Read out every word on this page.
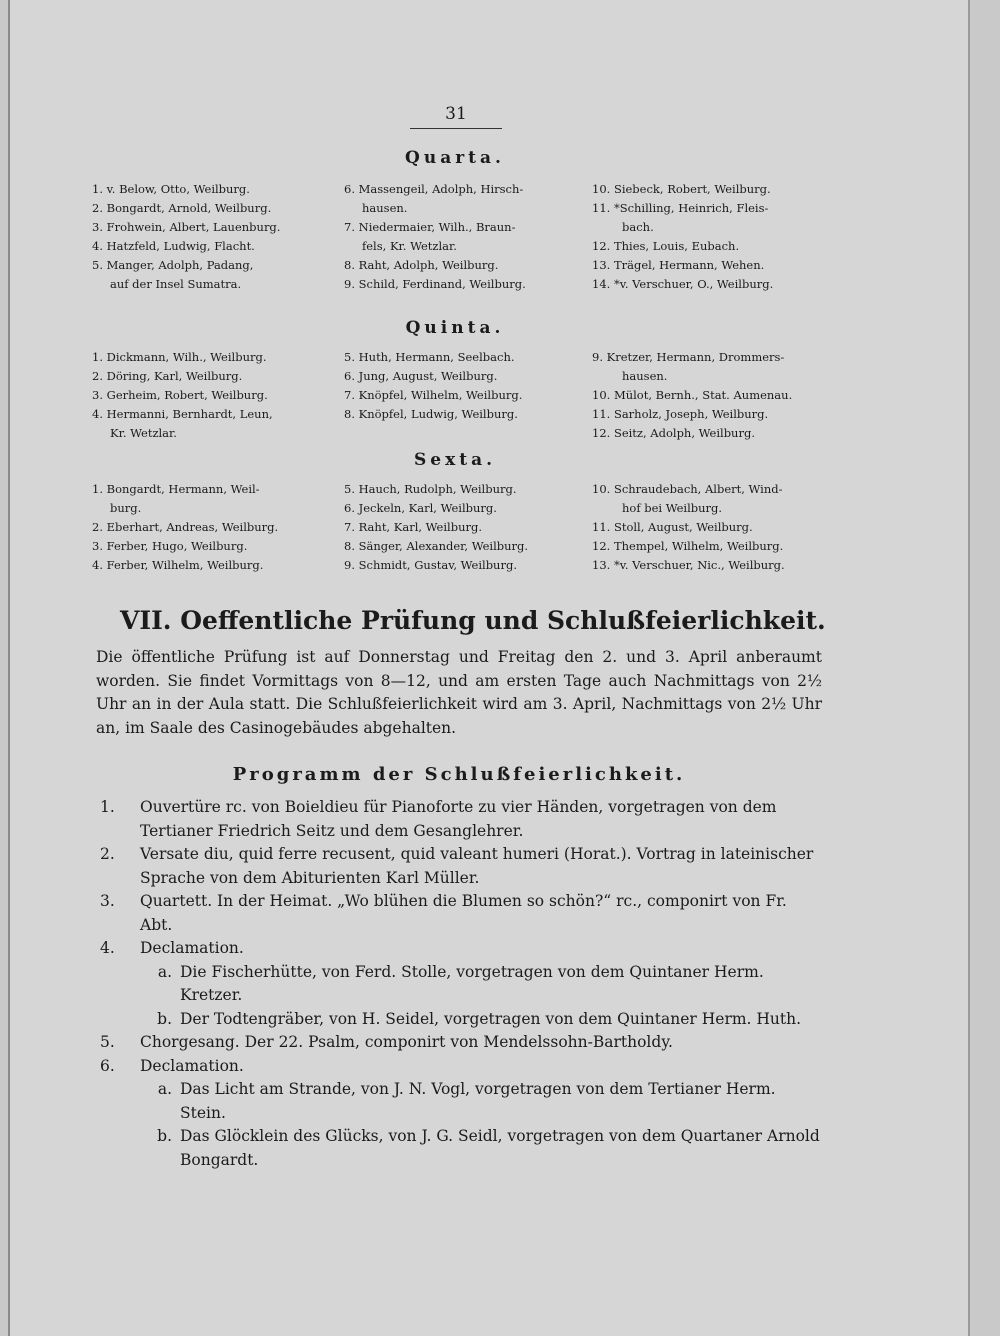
31
Quarta.
1. v. Below, Otto, Weilburg.
2. Bongardt, Arnold, Weilburg.
3. Frohwein, Albert, Lauenburg.
4. Hatzfeld, Ludwig, Flacht.
5. Manger, Adolph, Padang,
auf der Insel Sumatra.
6. Massengeil, Adolph, Hirsch-
hausen.
7. Niedermaier, Wilh., Braun-
fels, Kr. Wetzlar.
8. Raht, Adolph, Weilburg.
9. Schild, Ferdinand, Weilburg.
10. Siebeck, Robert, Weilburg.
11. *Schilling, Heinrich, Fleis-
bach.
12. Thies, Louis, Eubach.
13. Trägel, Hermann, Wehen.
14. *v. Verschuer, O., Weilburg.
Quinta.
1. Dickmann, Wilh., Weilburg.
2. Döring, Karl, Weilburg.
3. Gerheim, Robert, Weilburg.
4. Hermanni, Bernhardt, Leun,
Kr. Wetzlar.
5. Huth, Hermann, Seelbach.
6. Jung, August, Weilburg.
7. Knöpfel, Wilhelm, Weilburg.
8. Knöpfel, Ludwig, Weilburg.
9. Kretzer, Hermann, Drommers-
hausen.
10. Mülot, Bernh., Stat. Aumenau.
11. Sarholz, Joseph, Weilburg.
12. Seitz, Adolph, Weilburg.
Sexta.
1. Bongardt, Hermann, Weil-
burg.
2. Eberhart, Andreas, Weilburg.
3. Ferber, Hugo, Weilburg.
4. Ferber, Wilhelm, Weilburg.
5. Hauch, Rudolph, Weilburg.
6. Jeckeln, Karl, Weilburg.
7. Raht, Karl, Weilburg.
8. Sänger, Alexander, Weilburg.
9. Schmidt, Gustav, Weilburg.
10. Schraudebach, Albert, Wind-
hof bei Weilburg.
11. Stoll, August, Weilburg.
12. Thempel, Wilhelm, Weilburg.
13. *v. Verschuer, Nic., Weilburg.
VII. Oeffentliche Prüfung und Schlußfeierlichkeit.
Die öffentliche Prüfung ist auf Donnerstag und Freitag den 2. und 3. April anberaumt worden. Sie findet Vormittags von 8—12, und am ersten Tage auch Nachmittags von 2½ Uhr an in der Aula statt. Die Schlußfeierlichkeit wird am 3. April, Nachmittags von 2½ Uhr an, im Saale des Casinogebäudes abgehalten.
Programm der Schlußfeierlichkeit.
1.	Ouvertüre rc. von Boieldieu für Pianoforte zu vier Händen, vorgetragen von dem Tertianer Friedrich Seitz und dem Gesanglehrer.
2.	Versate diu, quid ferre recusent, quid valeant humeri (Horat.). Vortrag in lateinischer Sprache von dem Abiturienten Karl Müller.
3.	Quartett. In der Heimat. „Wo blühen die Blumen so schön?“ rc., componirt von Fr. Abt.
4.	Declamation.
a. Die Fischerhütte, von Ferd. Stolle, vorgetragen von dem Quintaner Herm. Kretzer.
b. Der Todtengräber, von H. Seidel, vorgetragen von dem Quintaner Herm. Huth.
5.	Chorgesang. Der 22. Psalm, componirt von Mendelssohn-Bartholdy.
6.	Declamation.
a. Das Licht am Strande, von J. N. Vogl, vorgetragen von dem Tertianer Herm. Stein.
b. Das Glöcklein des Glücks, von J. G. Seidl, vorgetragen von dem Quartaner Arnold Bongardt.
